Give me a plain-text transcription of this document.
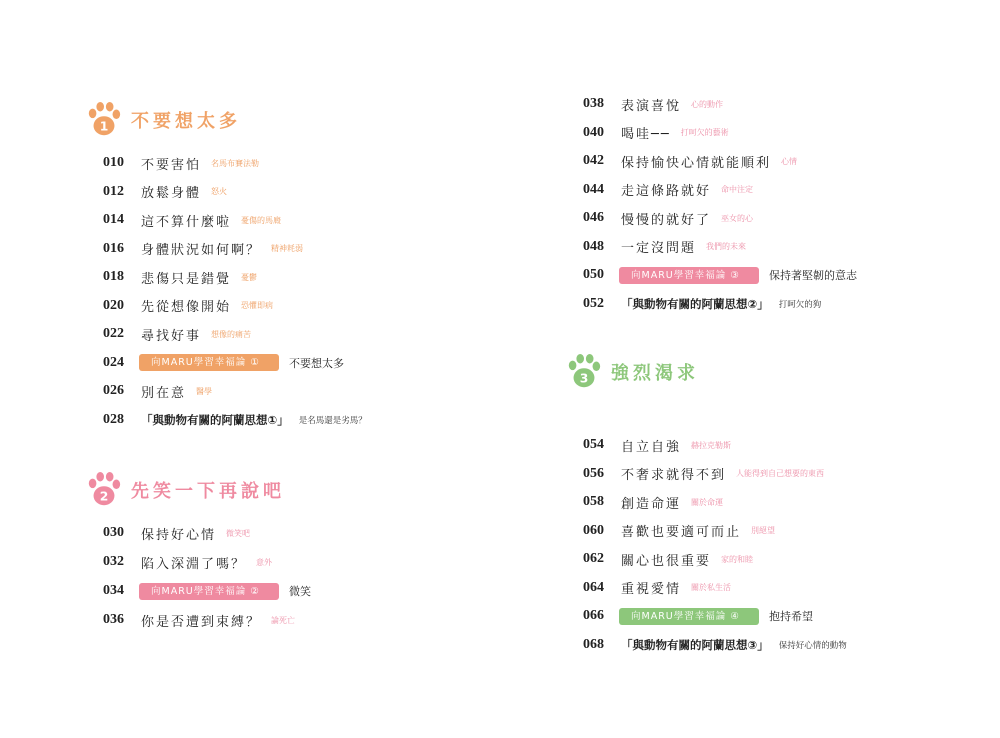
1 不要想太多
010	不要害怕 名馬布賽法勒
012	放鬆身體 怒火
014	這不算什麼啦 憂傷的馬廄
016	身體狀況如何啊？ 精神耗弱
018	悲傷只是錯覺 憂鬱
020	先從想像開始 恐懼即病
022	尋找好事 想像的痛苦
024	向MARU學習幸福論 ①	不要想太多
026	別在意 醫學
028	「與動物有關的阿蘭思想①」 是名馬還是劣馬？
2 先笑一下再說吧
030	保持好心情 微笑吧
032	陷入深淵了嗎？ 意外
034	向MARU學習幸福論 ②	微笑
036	你是否遭到束縛？ 論死亡
038	表演喜悅 心的動作
040	喝哇── 打呵欠的藝術
042	保持愉快心情就能順利 心情
044	走這條路就好 命中注定
046	慢慢的就好了 巫女的心
048	一定沒問題 我們的未來
050	向MARU學習幸福論 ③	保持著堅韌的意志
052	「與動物有關的阿蘭思想②」 打呵欠的狗
3 強烈渴求
054	自立自強 赫拉克勒斯
056	不奢求就得不到 人能得到自己想要的東西
058	創造命運 關於命運
060	喜歡也要適可而止 別絕望
062	關心也很重要 家的和睦
064	重視愛情 關於私生活
066	向MARU學習幸福論 ④	抱持希望
068	「與動物有關的阿蘭思想③」 保持好心情的動物
